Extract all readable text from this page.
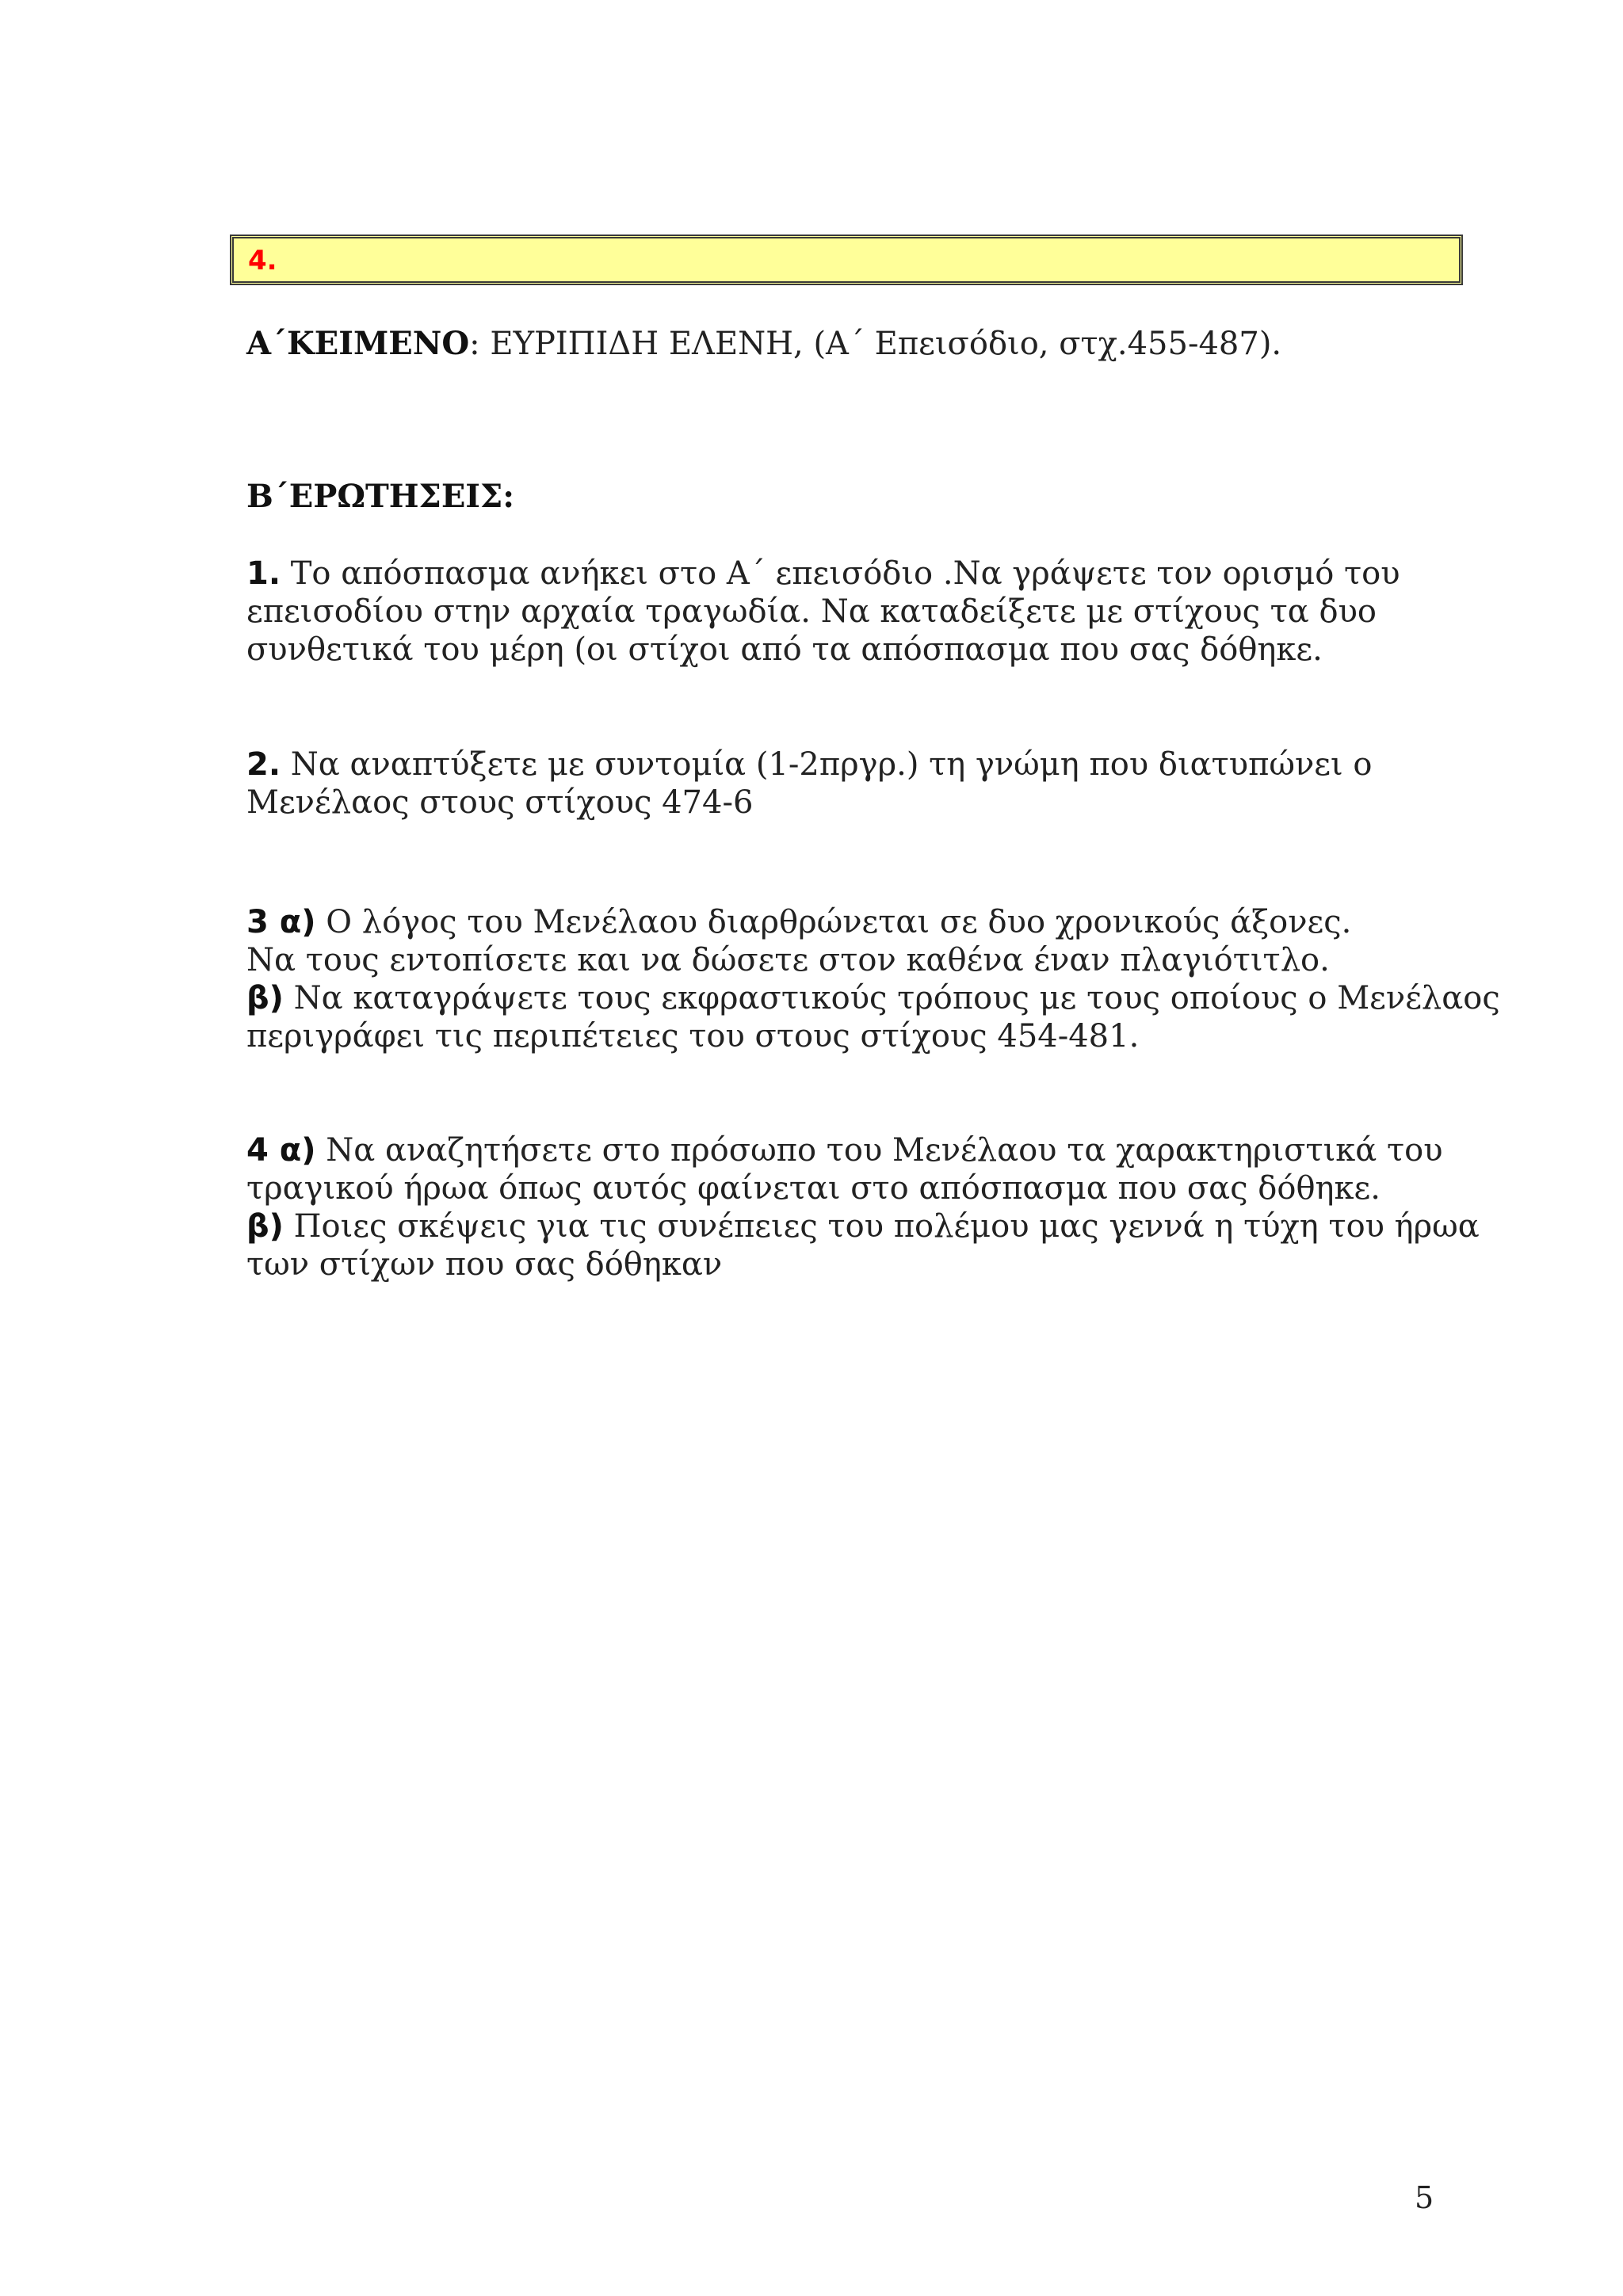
4.
Α΄ΚΕΙΜΕΝΟ: ΕΥΡΙΠΙΔΗ ΕΛΕΝΗ, (Α΄ Επεισόδιο, στχ.455-487).
Β΄ΕΡΩΤΗΣΕΙΣ:
1. Το απόσπασμα ανήκει στο Α΄ επεισόδιο .Να γράψετε τον ορισμό του
επεισοδίου στην αρχαία τραγωδία. Να καταδείξετε με στίχους τα δυο
συνθετικά του μέρη (οι στίχοι από τα απόσπασμα που σας δόθηκε.
2. Να αναπτύξετε με συντομία (1-2πργρ.) τη γνώμη που διατυπώνει ο
Μενέλαος στους στίχους 474-6
3 α) Ο λόγος του Μενέλαου διαρθρώνεται σε δυο χρονικούς άξονες.
Να τους εντοπίσετε και να δώσετε στον καθένα έναν πλαγιότιτλο.
β) Να καταγράψετε τους εκφραστικούς τρόπους με τους οποίους ο Μενέλαος
περιγράφει τις περιπέτειες του στους στίχους 454-481.
4 α) Να αναζητήσετε στο πρόσωπο του Μενέλαου τα χαρακτηριστικά του
τραγικού ήρωα όπως αυτός φαίνεται στο απόσπασμα που σας δόθηκε.
β) Ποιες σκέψεις για τις συνέπειες του πολέμου μας γεννά η τύχη του ήρωα
των στίχων που σας δόθηκαν
5
